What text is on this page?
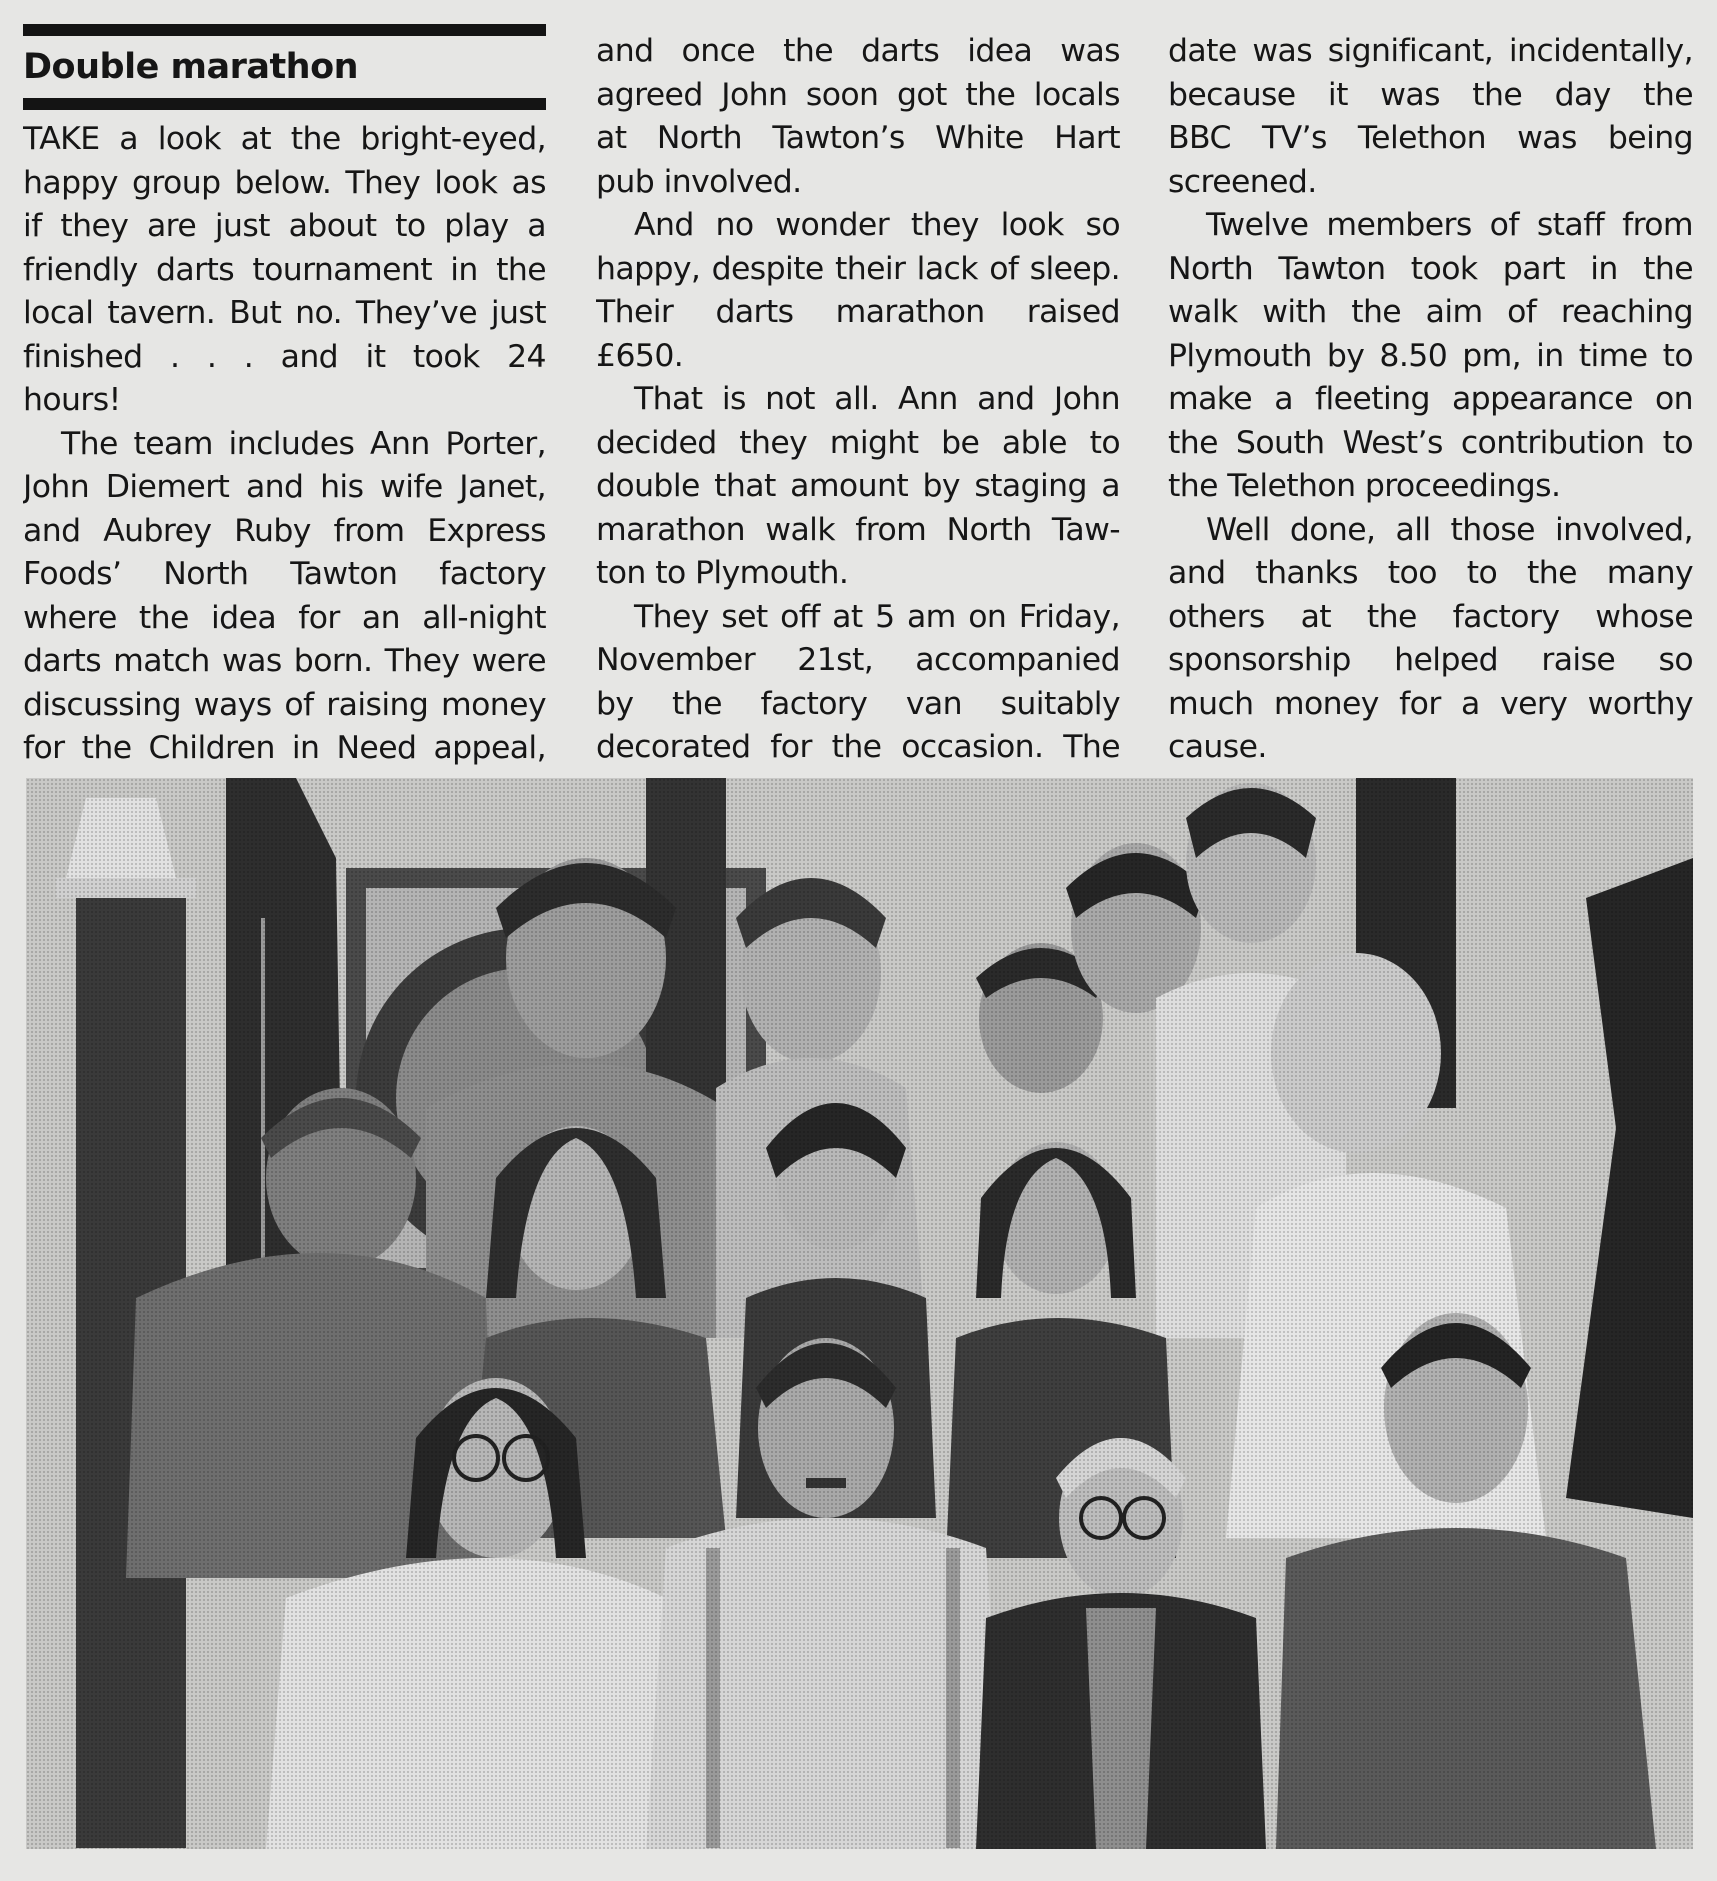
Double marathon
TAKE a look at the bright-eyed,
happy group below. They look as
if they are just about to play a
friendly darts tournament in the
local tavern. But no. They’ve just
finished . . . and it took 24
hours!
The team includes Ann Porter,
John Diemert and his wife Janet,
and Aubrey Ruby from Express
Foods’ North Tawton factory
where the idea for an all-night
darts match was born. They were
discussing ways of raising money
for the Children in Need appeal,
and once the darts idea was
agreed John soon got the locals
at North Tawton’s White Hart
pub involved.
And no wonder they look so
happy, despite their lack of sleep.
Their darts marathon raised
£650.
That is not all. Ann and John
decided they might be able to
double that amount by staging a
marathon walk from North Taw-
ton to Plymouth.
They set off at 5 am on Friday,
November 21st, accompanied
by the factory van suitably
decorated for the occasion. The
date was significant, incidentally,
because it was the day the
BBC TV’s Telethon was being
screened.
Twelve members of staff from
North Tawton took part in the
walk with the aim of reaching
Plymouth by 8.50 pm, in time to
make a fleeting appearance on
the South West’s contribution to
the Telethon proceedings.
Well done, all those involved,
and thanks too to the many
others at the factory whose
sponsorship helped raise so
much money for a very worthy
cause.
